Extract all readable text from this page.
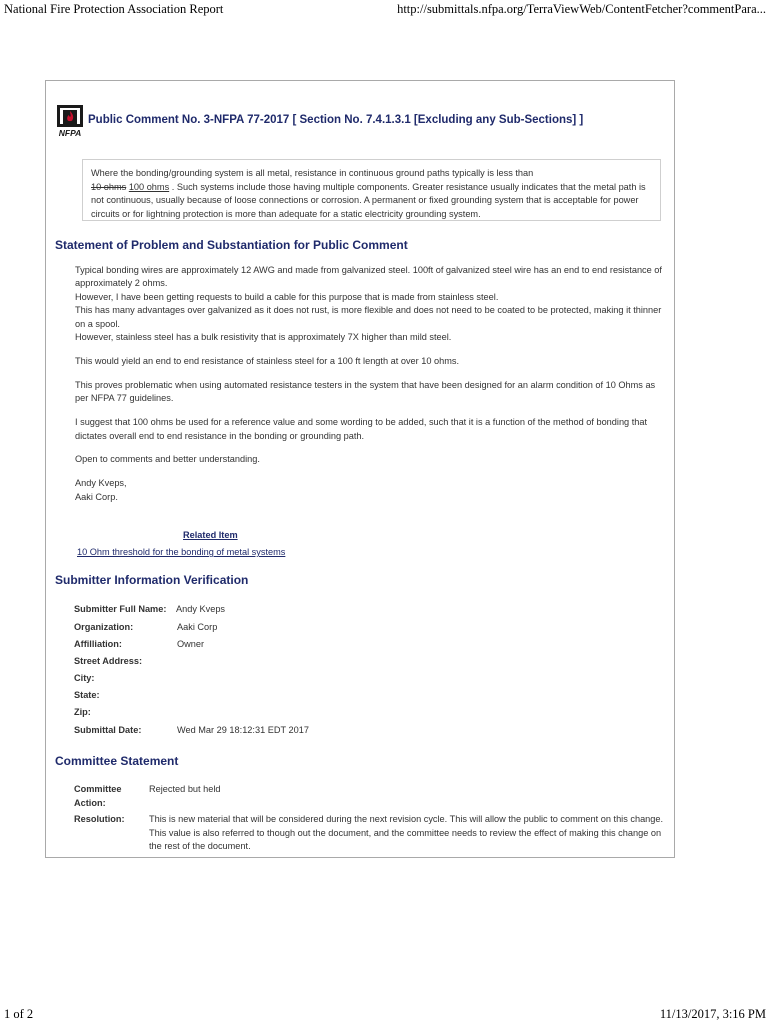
National Fire Protection Association Report	http://submittals.nfpa.org/TerraViewWeb/ContentFetcher?commentPara...
NFPA
Public Comment No. 3-NFPA 77-2017 [ Section No. 7.4.1.3.1 [Excluding any Sub-Sections] ]
Where the bonding/grounding system is all metal, resistance in continuous ground paths typically is less than
10 ohms 100 ohms . Such systems include those having multiple components. Greater resistance usually indicates that the metal path is not continuous, usually because of loose connections or corrosion. A permanent or fixed grounding system that is acceptable for power circuits or for lightning protection is more than adequate for a static electricity grounding system.
Statement of Problem and Substantiation for Public Comment

Typical bonding wires are approximately 12 AWG and made from galvanized steel. 100ft of galvanized steel wire has an end to end resistance of approximately 2 ohms.
However, I have been getting requests to build a cable for this purpose that is made from stainless steel.
This has many advantages over galvanized as it does not rust, is more flexible and does not need to be coated to be protected, making it thinner on a spool.
However, stainless steel has a bulk resistivity that is approximately 7X higher than mild steel.

This would yield an end to end resistance of stainless steel for a 100 ft length at over 10 ohms.

This proves problematic when using automated resistance testers in the system that have been designed for an alarm condition of 10 Ohms as per NFPA 77 guidelines.

I suggest that 100 ohms be used for a reference value and some wording to be added, such that it is a function of the method of bonding that dictates overall end to end resistance in the bonding or grounding path.

Open to comments and better understanding.

Andy Kveps,
Aaki Corp.

Related Item
10 Ohm threshold for the bonding of metal systems
Submitter Information Verification
Submitter Full Name: Andy Kveps
Organization:	Aaki Corp
Affilliation:	Owner
Street Address:
City:
State:
Zip:
Submittal Date:	Wed Mar 29 18:12:31 EDT 2017
Committee Statement
Committee Action:
Rejected but held
Resolution:	This is new material that will be considered during the next revision cycle. This will allow the public to comment on this change. This value is also referred to though out the document, and the committee needs to review the effect of making this change on the rest of the document.
1 of 2	11/13/2017, 3:16 PM
